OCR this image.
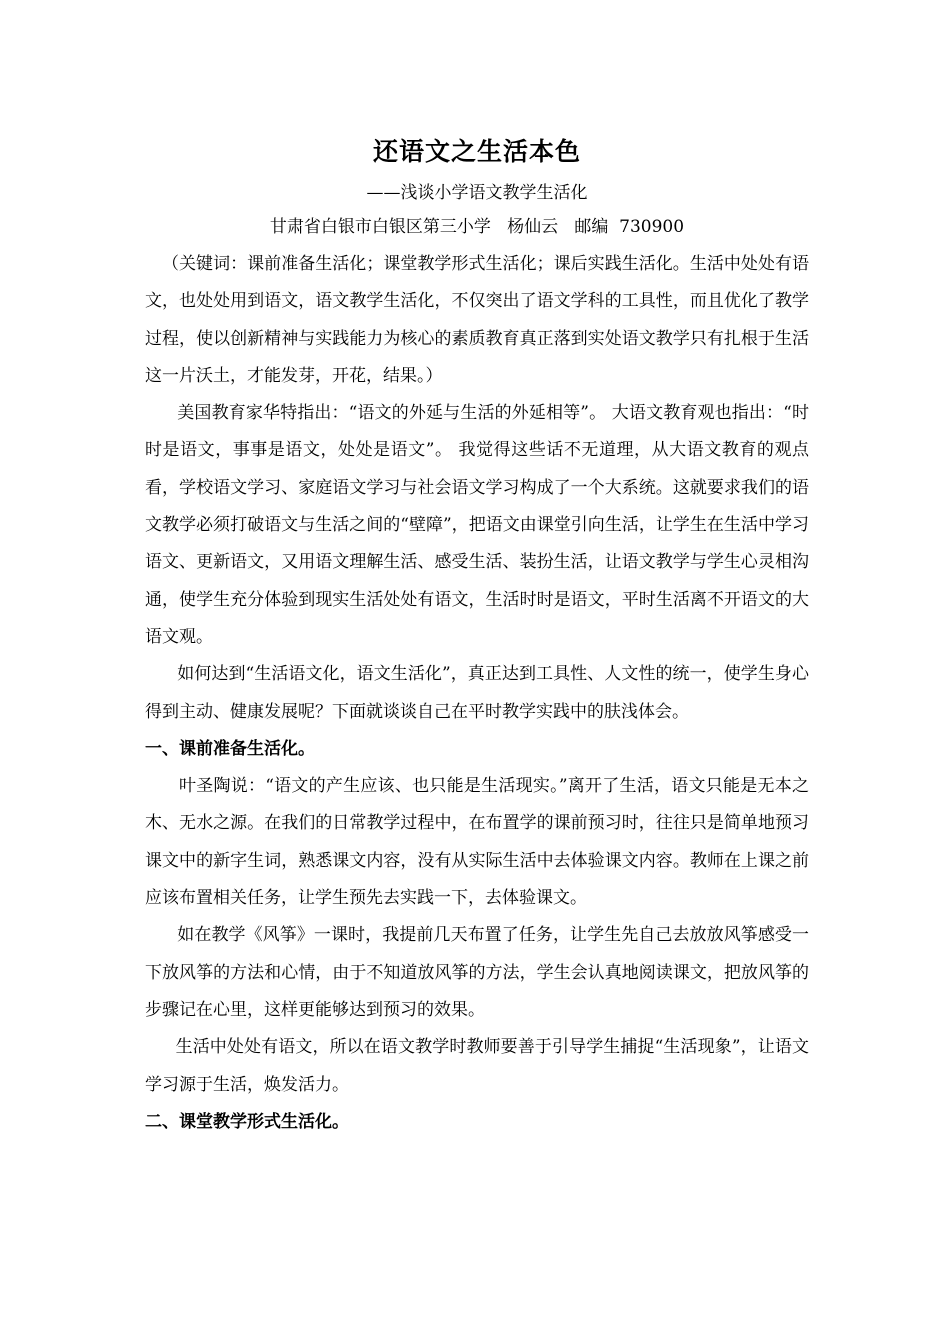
还语文之生活本色

——浅谈小学语文教学生活化

甘肃省白银市白银区第三小学   杨仙云   邮编  730900

（关键词：课前准备生活化；课堂教学形式生活化；课后实践生活化。生活中处处有语文，也处处用到语文，语文教学生活化，不仅突出了语文学科的工具性，而且优化了教学过程，使以创新精神与实践能力为核心的素质教育真正落到实处语文教学只有扎根于生活这一片沃土，才能发芽，开花，结果。）

美国教育家华特指出：“语文的外延与生活的外延相等”。 大语文教育观也指出：“时时是语文，事事是语文，处处是语文”。 我觉得这些话不无道理，从大语文教育的观点看，学校语文学习、家庭语文学习与社会语文学习构成了一个大系统。这就要求我们的语文教学必须打破语文与生活之间的“壁障”，把语文由课堂引向生活，让学生在生活中学习语文、更新语文，又用语文理解生活、感受生活、装扮生活，让语文教学与学生心灵相沟通，使学生充分体验到现实生活处处有语文，生活时时是语文，平时生活离不开语文的大语文观。

如何达到“生活语文化，语文生活化”，真正达到工具性、人文性的统一，使学生身心得到主动、健康发展呢？下面就谈谈自己在平时教学实践中的肤浅体会。

一、课前准备生活化。

叶圣陶说：“语文的产生应该、也只能是生活现实。”离开了生活，语文只能是无本之木、无水之源。在我们的日常教学过程中，在布置学的课前预习时，往往只是简单地预习课文中的新字生词，熟悉课文内容，没有从实际生活中去体验课文内容。教师在上课之前应该布置相关任务，让学生预先去实践一下，去体验课文。

如在教学《风筝》一课时，我提前几天布置了任务，让学生先自己去放放风筝感受一下放风筝的方法和心情，由于不知道放风筝的方法，学生会认真地阅读课文，把放风筝的步骤记在心里，这样更能够达到预习的效果。

生活中处处有语文，所以在语文教学时教师要善于引导学生捕捉“生活现象”，让语文学习源于生活，焕发活力。

二、课堂教学形式生活化。
